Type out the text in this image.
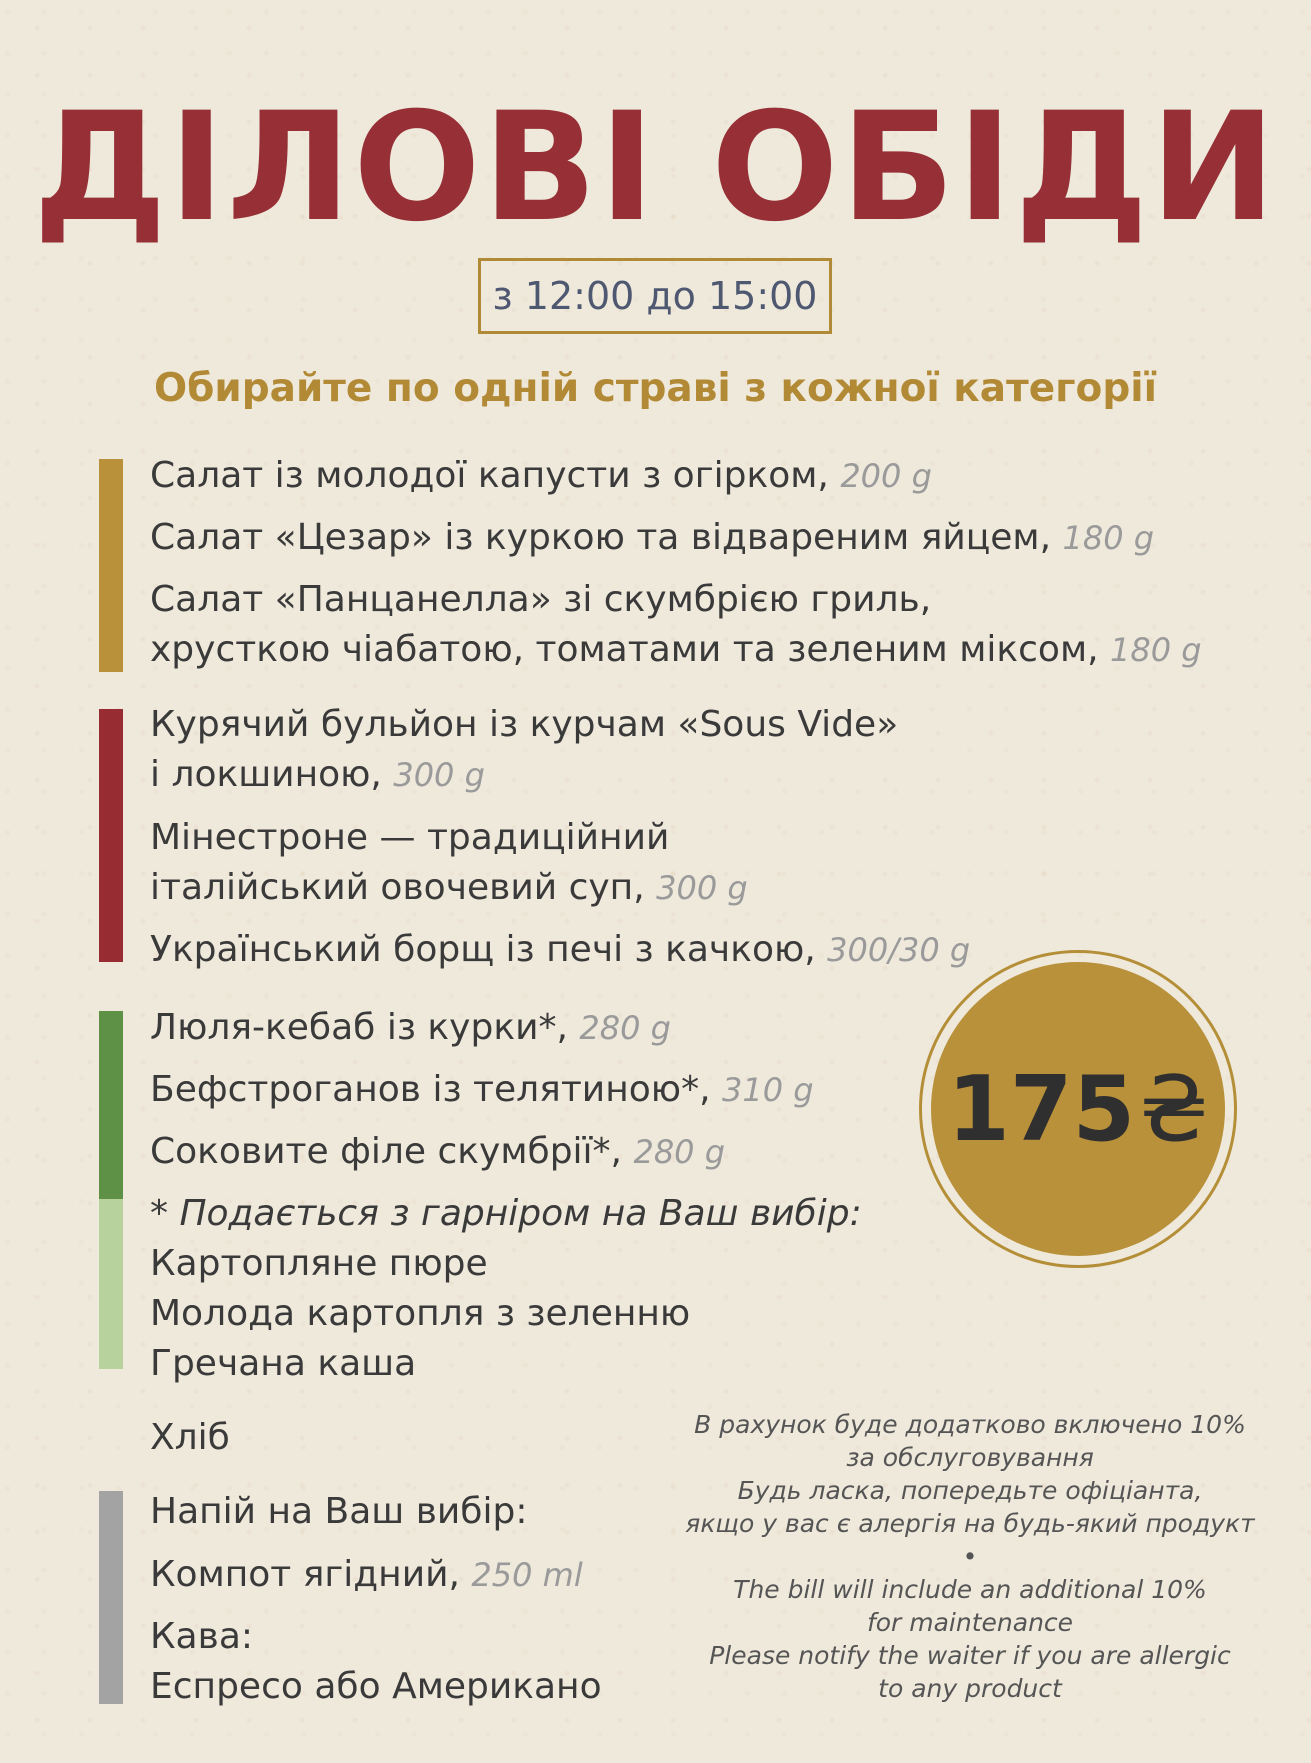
ДІЛОВІ ОБІДИ
з 12:00 до 15:00
Обирайте по одній страві з кожної категорії
Салат із молодої капусти з огірком, 200 g
Салат «Цезар» із куркою та відвареним яйцем, 180 g
Салат «Панцанелла» зі скумбрією гриль,
хрусткою чіабатою, томатами та зеленим міксом, 180 g
Курячий бульйон із курчам «Sous Vide»
і локшиною, 300 g
Мінестроне — традиційний
італійський овочевий суп, 300 g
Український борщ із печі з качкою, 300/30 g
Люля-кебаб із курки*, 280 g
Бефстроганов із телятиною*, 310 g
Соковите філе скумбрії*, 280 g
* Подається з гарніром на Ваш вибір:
Картопляне пюре
Молода картопля з зеленню
Гречана каша
Хліб
Напій на Ваш вибір:
Компот ягідний, 250 ml
Кава:
Еспресо або Американо
175 ₴
В рахунок буде додатково включено 10%
за обслуговування
Будь ласка, попередьте офіціанта,
якщо у вас є алергія на будь-який продукт
•
The bill will include an additional 10%
for maintenance
Please notify the waiter if you are allergic
to any product
